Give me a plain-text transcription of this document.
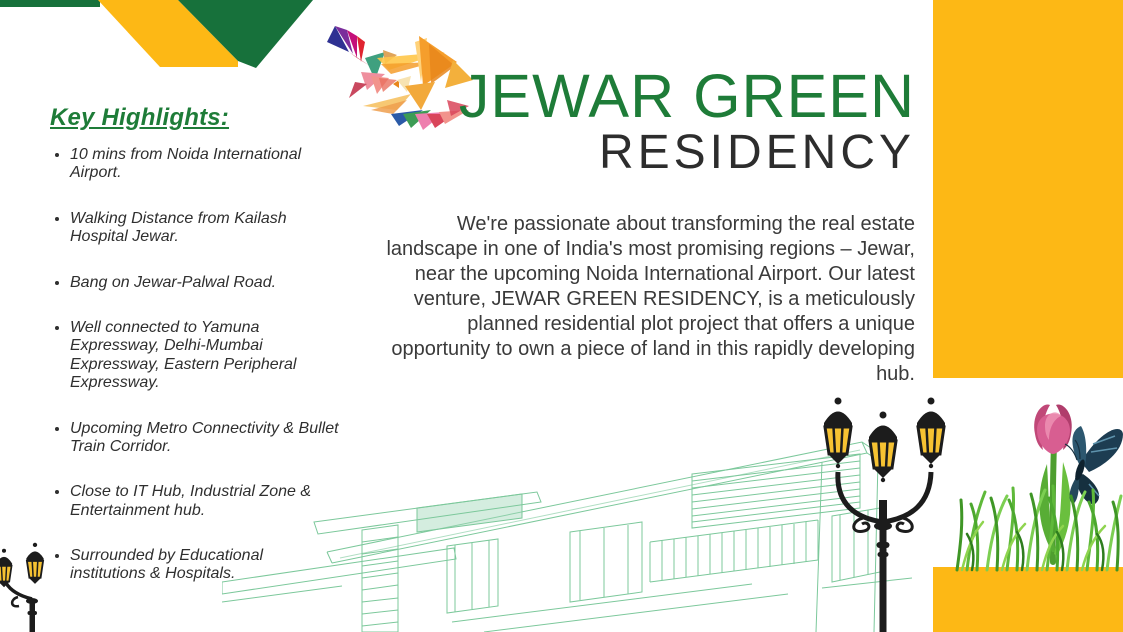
JEWAR GREEN
RESIDENCY
We're passionate about transforming the real estate landscape in one of India's most promising regions – Jewar, near the upcoming Noida International Airport. Our latest venture, JEWAR GREEN RESIDENCY, is a meticulously planned residential plot project that offers a unique opportunity to own a piece of land in this rapidly developing hub.
Key Highlights:
• 10 mins from Noida International Airport.
• Walking Distance from Kailash Hospital Jewar.
• Bang on Jewar-Palwal Road.
• Well connected to Yamuna Expressway, Delhi-Mumbai Expressway, Eastern Peripheral Expressway.
• Upcoming Metro Connectivity & Bullet Train Corridor.
• Close to IT Hub, Industrial Zone & Entertainment hub.
• Surrounded by Educational institutions & Hospitals.
